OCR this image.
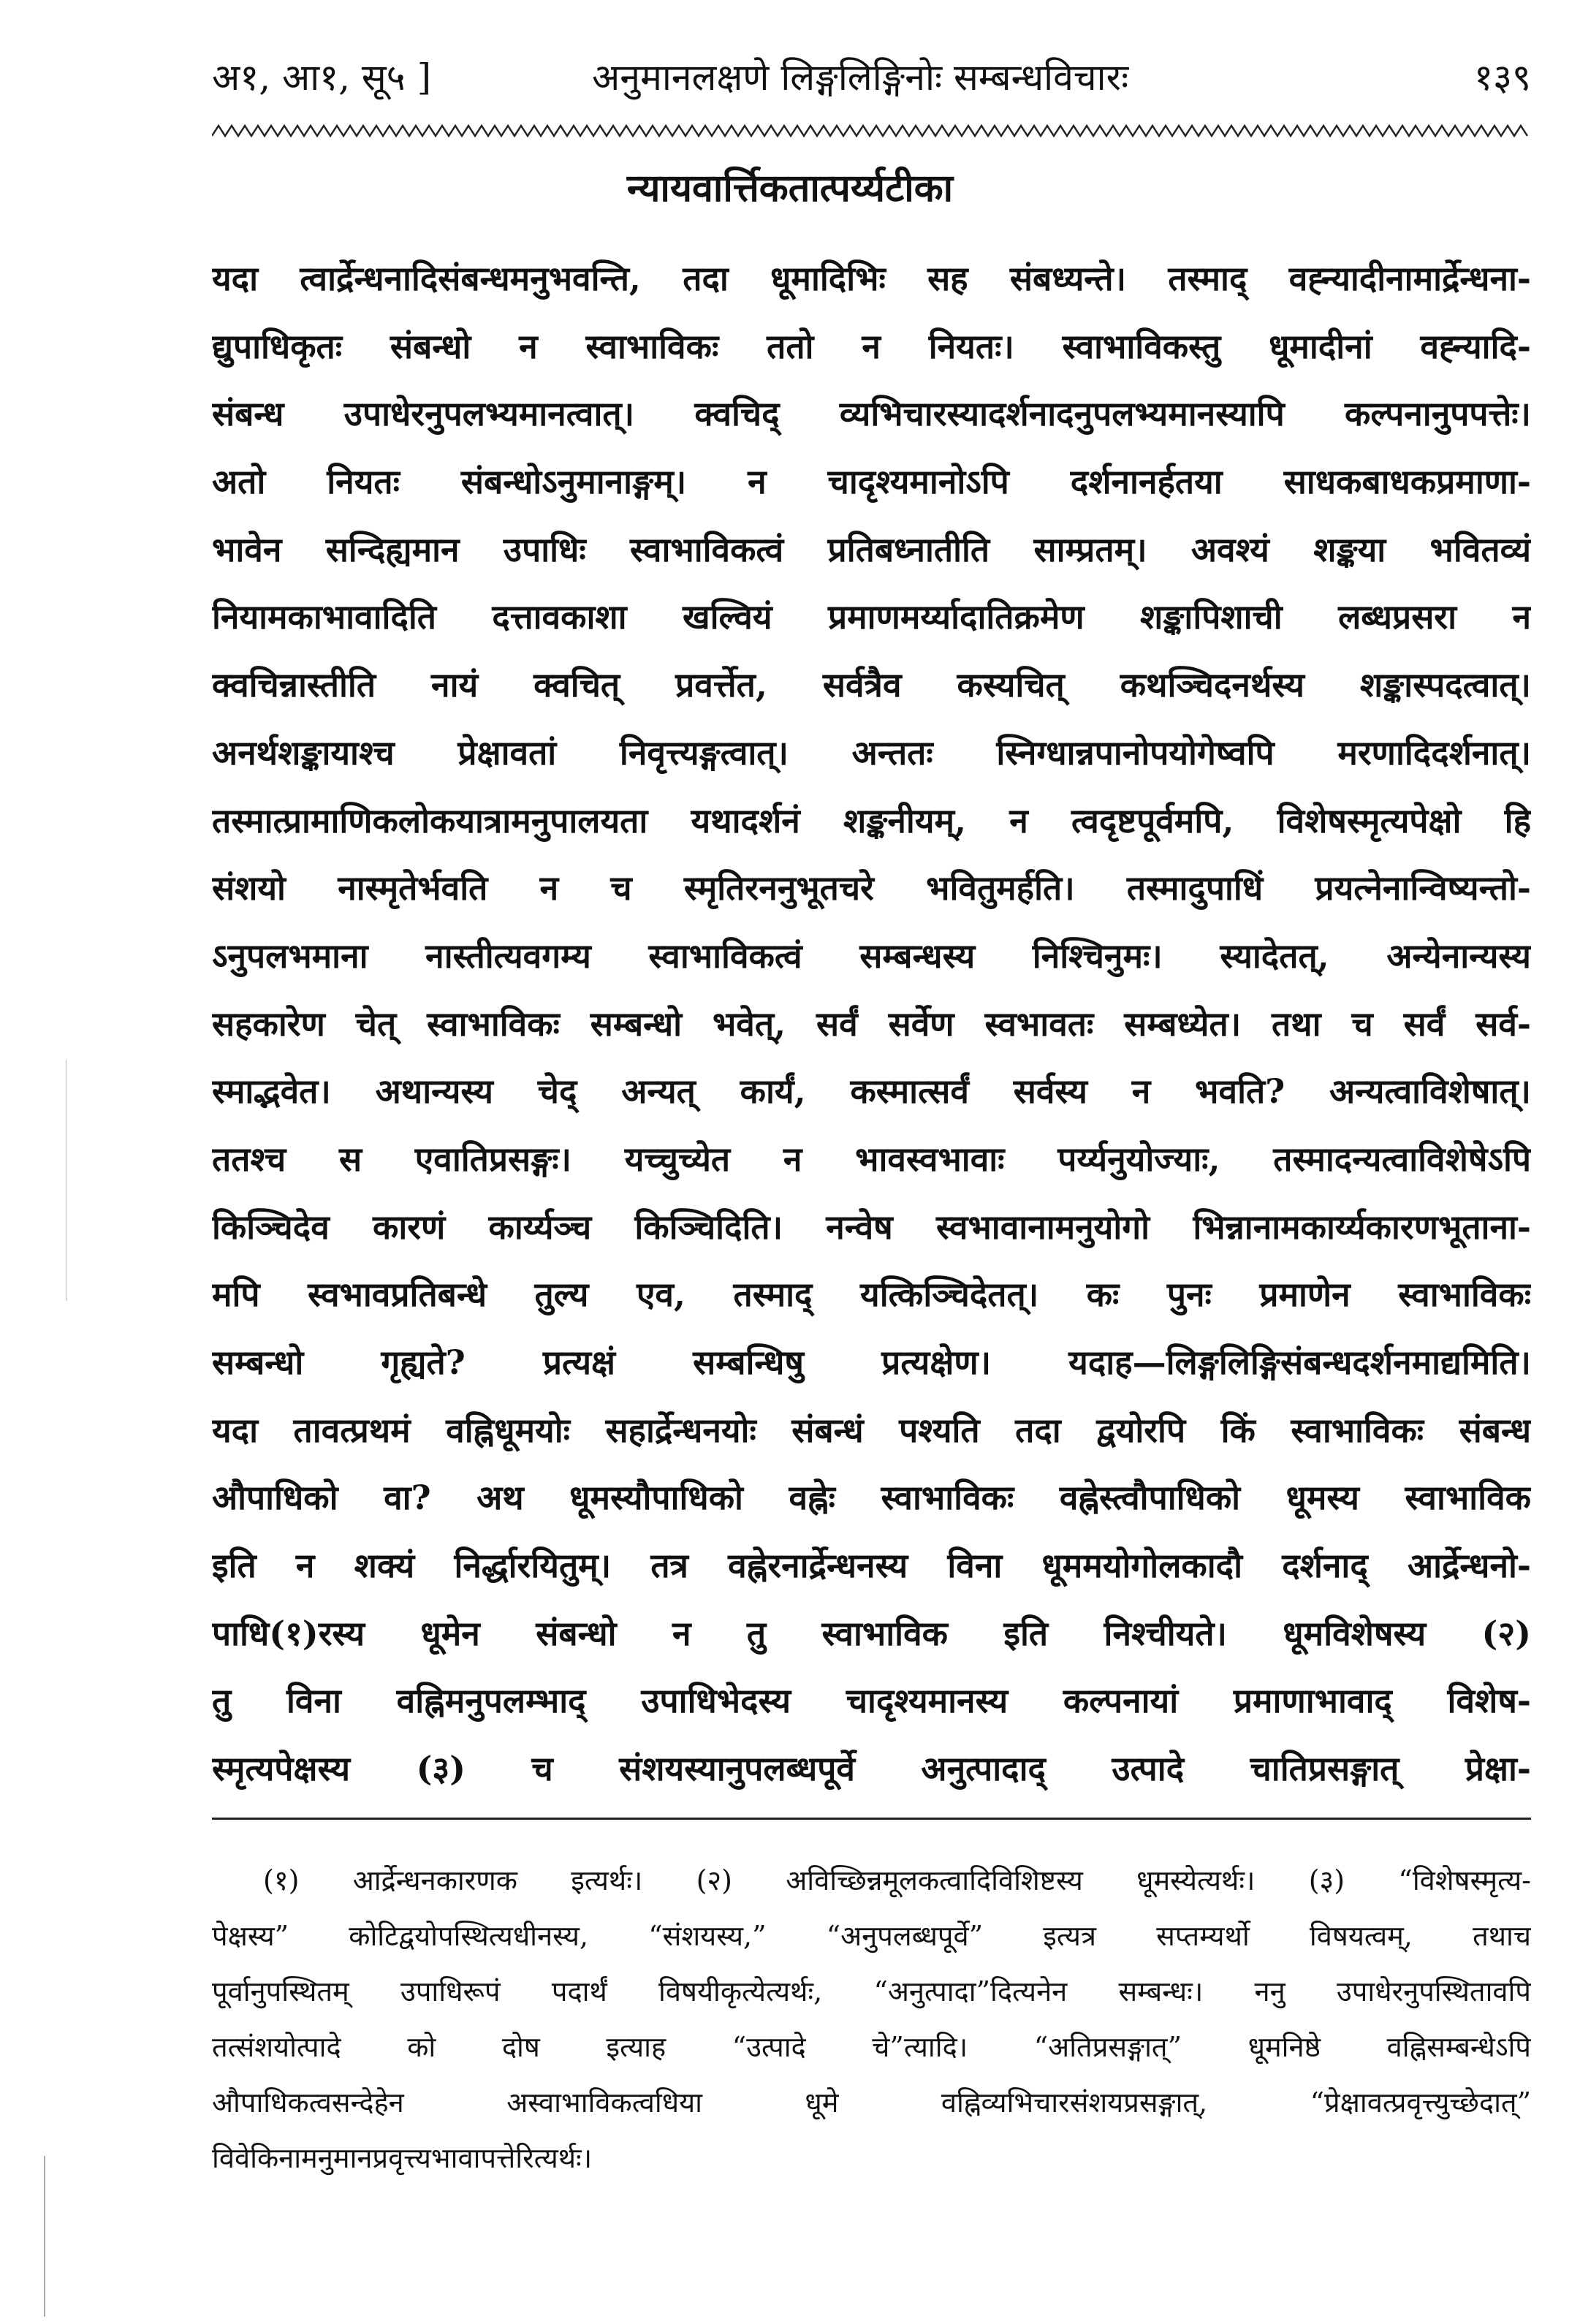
अ१, आ१, सू५ ]	अनुमानलक्षणे लिङ्गलिङ्गिनोः सम्बन्धविचारः	१३९
न्यायवार्त्तिकतात्पर्य्यटीका
यदा त्वार्द्रेन्धनादिसंबन्धमनुभवन्ति, तदा धूमादिभिः सह संबध्यन्ते। तस्माद् वह्न्यादीनामार्द्रेन्धना-
द्युपाधिकृतः संबन्धो न स्वाभाविकः ततो न नियतः। स्वाभाविकस्तु धूमादीनां वह्न्यादि-
संबन्ध उपाधेरनुपलभ्यमानत्वात्। क्वचिद् व्यभिचारस्यादर्शनादनुपलभ्यमानस्यापि कल्पनानुपपत्तेः।
अतो नियतः संबन्धोऽनुमानाङ्गम्। न चादृश्यमानोऽपि दर्शनानर्हतया साधकबाधकप्रमाणा-
भावेन सन्दिह्यमान उपाधिः स्वाभाविकत्वं प्रतिबध्नातीति साम्प्रतम्। अवश्यं शङ्कया भवितव्यं
नियामकाभावादिति दत्तावकाशा खल्वियं प्रमाणमर्य्यादातिक्रमेण शङ्कापिशाची लब्धप्रसरा न
क्वचिन्नास्तीति नायं क्वचित् प्रवर्त्तेत, सर्वत्रैव कस्यचित् कथञ्चिदनर्थस्य शङ्कास्पदत्वात्।
अनर्थशङ्कायाश्च प्रेक्षावतां निवृत्त्यङ्गत्वात्। अन्ततः स्निग्धान्नपानोपयोगेष्वपि मरणादिदर्शनात्।
तस्मात्प्रामाणिकलोकयात्रामनुपालयता यथादर्शनं शङ्कनीयम्, न त्वदृष्टपूर्वमपि, विशेषस्मृत्यपेक्षो हि
संशयो नास्मृतेर्भवति न च स्मृतिरननुभूतचरे भवितुमर्हति। तस्मादुपाधिं प्रयत्नेनान्विष्यन्तो-
ऽनुपलभमाना नास्तीत्यवगम्य स्वाभाविकत्वं सम्बन्धस्य निश्चिनुमः। स्यादेतत्, अन्येनान्यस्य
सहकारेण चेत् स्वाभाविकः सम्बन्धो भवेत्, सर्वं सर्वेण स्वभावतः सम्बध्येत। तथा च सर्वं सर्व-
स्माद्भवेत। अथान्यस्य चेद् अन्यत् कार्यं, कस्मात्सर्वं सर्वस्य न भवति? अन्यत्वाविशेषात्।
ततश्च स एवातिप्रसङ्गः। यच्चुच्येत न भावस्वभावाः पर्य्यनुयोज्याः, तस्मादन्यत्वाविशेषेऽपि
किञ्चिदेव कारणं कार्य्यञ्च किञ्चिदिति। नन्वेष स्वभावानामनुयोगो भिन्नानामकार्य्यकारणभूताना-
मपि स्वभावप्रतिबन्धे तुल्य एव, तस्माद् यत्किञ्चिदेतत्। कः पुनः प्रमाणेन स्वाभाविकः
सम्बन्धो गृह्यते? प्रत्यक्षं सम्बन्धिषु प्रत्यक्षेण। यदाह—लिङ्गलिङ्गिसंबन्धदर्शनमाद्यमिति।
यदा तावत्प्रथमं वह्निधूमयोः सहार्द्रेन्धनयोः संबन्धं पश्यति तदा द्वयोरपि किं स्वाभाविकः संबन्ध
औपाधिको वा? अथ धूमस्यौपाधिको वह्नेः स्वाभाविकः वह्नेस्त्वौपाधिको धूमस्य स्वाभाविक
इति न शक्यं निर्द्धारयितुम्। तत्र वह्नेरनार्द्रेन्धनस्य विना धूममयोगोलकादौ दर्शनाद् आर्द्रेन्धनो-
पाधि(१)रस्य धूमेन संबन्धो न तु स्वाभाविक इति निश्चीयते। धूमविशेषस्य (२)
तु विना वह्निमनुपलम्भाद् उपाधिभेदस्य चादृश्यमानस्य कल्पनायां प्रमाणाभावाद् विशेष-
स्मृत्यपेक्षस्य (३) च संशयस्यानुपलब्धपूर्वे अनुत्पादाद् उत्पादे चातिप्रसङ्गात् प्रेक्षा-
(१) आर्द्रेन्धनकारणक इत्यर्थः। (२) अविच्छिन्नमूलकत्वादिविशिष्टस्य धूमस्येत्यर्थः। (३) “विशेषस्मृत्य-
पेक्षस्य” कोटिद्वयोपस्थित्यधीनस्य, “संशयस्य,” “अनुपलब्धपूर्वे” इत्यत्र सप्तम्यर्थो विषयत्वम्, तथाच
पूर्वानुपस्थितम् उपाधिरूपं पदार्थं विषयीकृत्येत्यर्थः, “अनुत्पादा”दित्यनेन सम्बन्धः। ननु उपाधेरनुपस्थितावपि
तत्संशयोत्पादे को दोष इत्याह “उत्पादे चे”त्यादि। “अतिप्रसङ्गात्” धूमनिष्ठे वह्निसम्बन्धेऽपि
औपाधिकत्वसन्देहेन अस्वाभाविकत्वधिया धूमे वह्निव्यभिचारसंशयप्रसङ्गात्, “प्रेक्षावत्प्रवृत्त्युच्छेदात्”
विवेकिनामनुमानप्रवृत्त्यभावापत्तेरित्यर्थः।
